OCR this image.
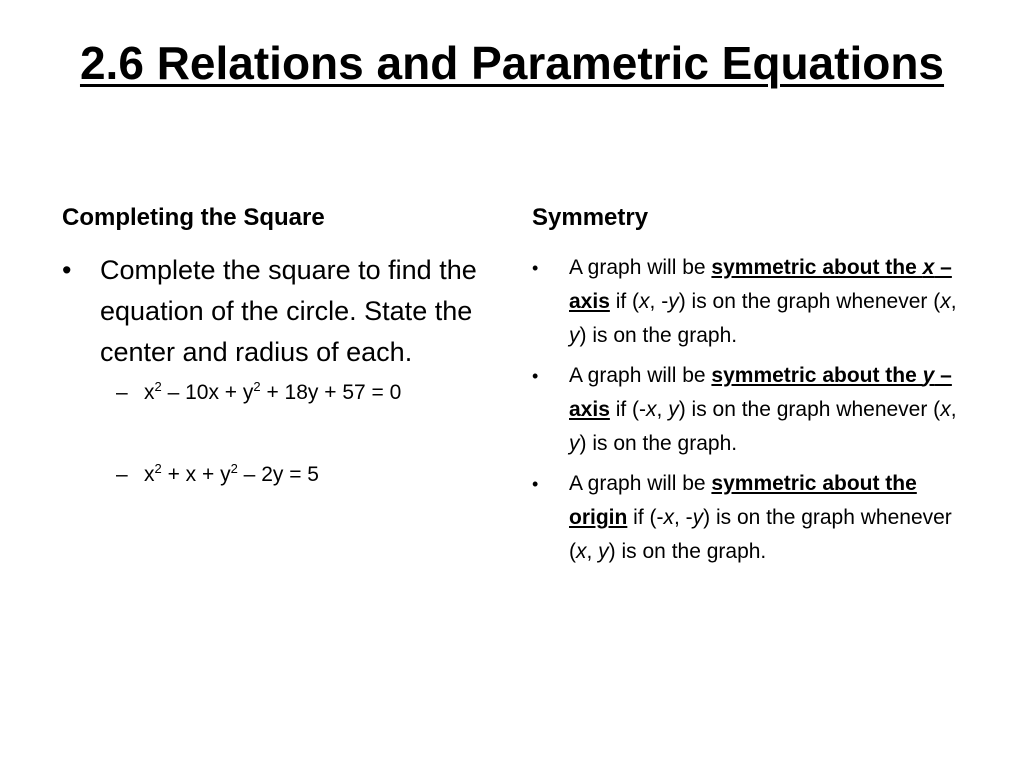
2.6 Relations and Parametric Equations
Completing the Square	Symmetry
•	Complete the square to find the equation of the circle. State the center and radius of each.
– $x^2 - 10x + y^2 + 18y + 57 = 0$
– $x^2 + x + y^2 - 2y = 5$
•	A graph will be symmetric about the x – axis if (x, -y) is on the graph whenever (x, y) is on the graph.
•	A graph will be symmetric about the y – axis if (-x, y) is on the graph whenever (x, y) is on the graph.
•	A graph will be symmetric about the origin if (-x, -y) is on the graph whenever (x, y) is on the graph.
